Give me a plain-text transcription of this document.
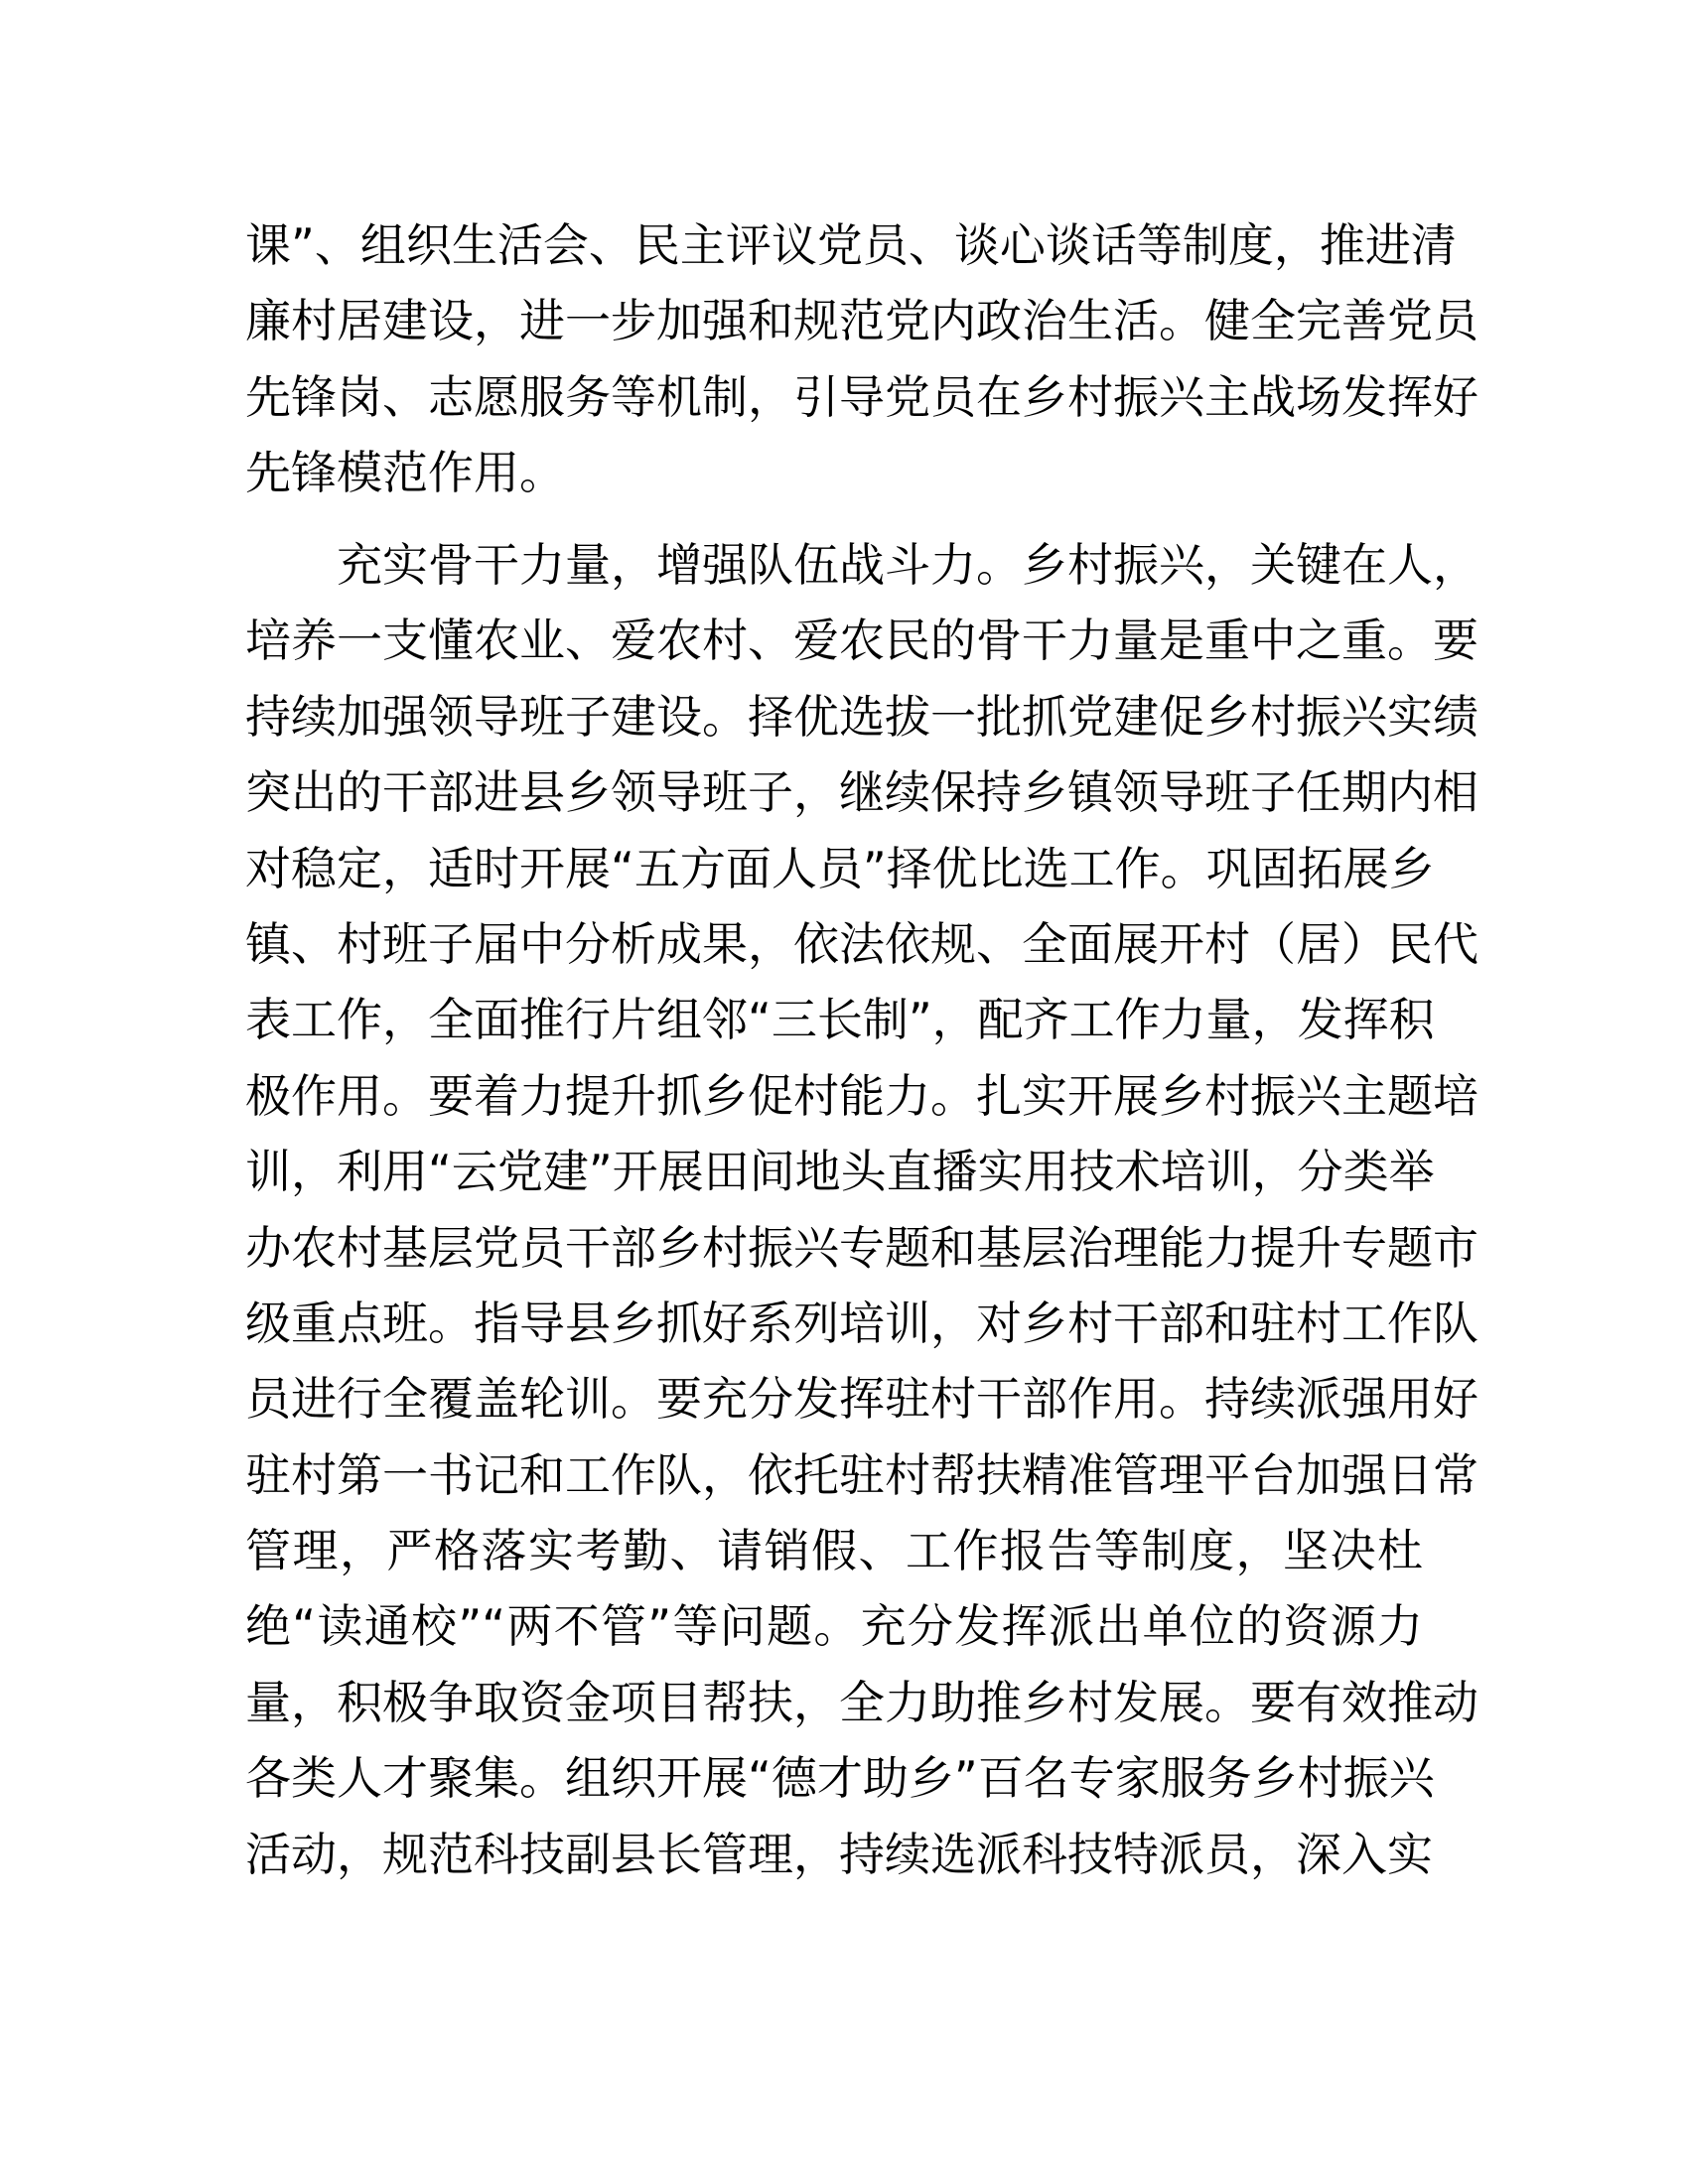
课”、组织生活会、民主评议党员、谈心谈话等制度，推进清
廉村居建设，进一步加强和规范党内政治生活。健全完善党员
先锋岗、志愿服务等机制，引导党员在乡村振兴主战场发挥好
先锋模范作用。
充实骨干力量，增强队伍战斗力。乡村振兴，关键在人，
培养一支懂农业、爱农村、爱农民的骨干力量是重中之重。要
持续加强领导班子建设。择优选拔一批抓党建促乡村振兴实绩
突出的干部进县乡领导班子，继续保持乡镇领导班子任期内相
对稳定，适时开展“五方面人员”择优比选工作。巩固拓展乡
镇、村班子届中分析成果，依法依规、全面展开村（居）民代
表工作，全面推行片组邻“三长制”，配齐工作力量，发挥积
极作用。要着力提升抓乡促村能力。扎实开展乡村振兴主题培
训，利用“云党建”开展田间地头直播实用技术培训，分类举
办农村基层党员干部乡村振兴专题和基层治理能力提升专题市
级重点班。指导县乡抓好系列培训，对乡村干部和驻村工作队
员进行全覆盖轮训。要充分发挥驻村干部作用。持续派强用好
驻村第一书记和工作队，依托驻村帮扶精准管理平台加强日常
管理，严格落实考勤、请销假、工作报告等制度，坚决杜
绝“读通校”“两不管”等问题。充分发挥派出单位的资源力
量，积极争取资金项目帮扶，全力助推乡村发展。要有效推动
各类人才聚集。组织开展“德才助乡”百名专家服务乡村振兴
活动，规范科技副县长管理，持续选派科技特派员，深入实
